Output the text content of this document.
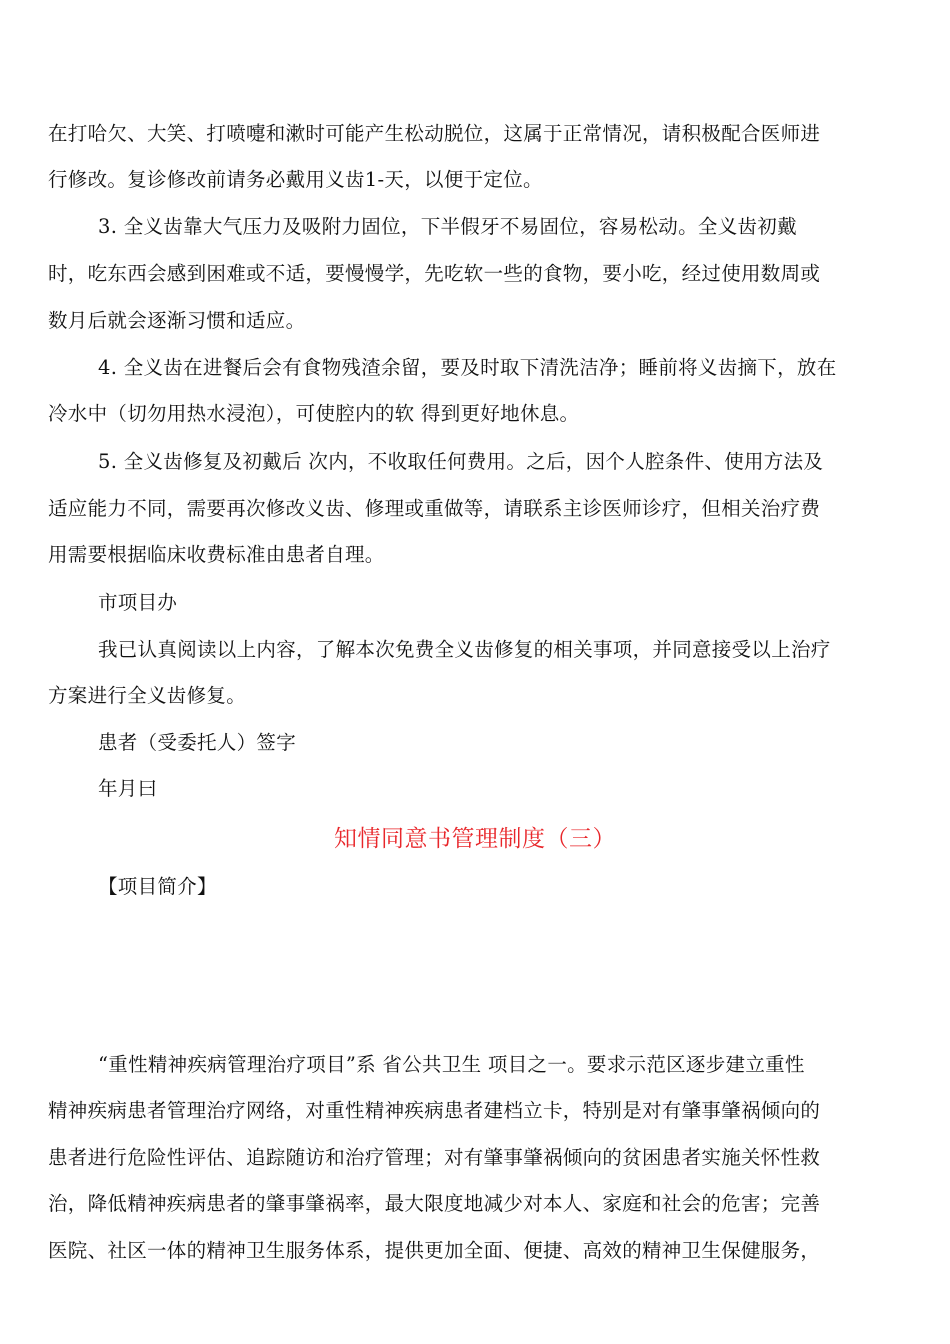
在打哈欠、大笑、打喷嚏和漱时可能产生松动脱位，这属于正常情况，请积极配合医师进
行修改。复诊修改前请务必戴用义齿1-天，以便于定位。
3. 全义齿靠大气压力及吸附力固位，下半假牙不易固位，容易松动。全义齿初戴
时，吃东西会感到困难或不适，要慢慢学，先吃软一些的食物，要小吃，经过使用数周或
数月后就会逐渐习惯和适应。
4. 全义齿在进餐后会有食物残渣余留，要及时取下清洗洁净；睡前将义齿摘下，放在
冷水中（切勿用热水浸泡），可使腔内的软 得到更好地休息。
5. 全义齿修复及初戴后 次内，不收取任何费用。之后，因个人腔条件、使用方法及
适应能力不同，需要再次修改义齿、修理或重做等，请联系主诊医师诊疗，但相关治疗费
用需要根据临床收费标准由患者自理。
市项目办
我已认真阅读以上内容，了解本次免费全义齿修复的相关事项，并同意接受以上治疗
方案进行全义齿修复。
患者（受委托人）签字
年月曰
知情同意书管理制度（三）
【项目简介】
“重性精神疾病管理治疗项目”系 省公共卫生 项目之一。要求示范区逐步建立重性
精神疾病患者管理治疗网络，对重性精神疾病患者建档立卡，特别是对有肇事肇祸倾向的
患者进行危险性评估、追踪随访和治疗管理；对有肇事肇祸倾向的贫困患者实施关怀性救
治，降低精神疾病患者的肇事肇祸率，最大限度地减少对本人、家庭和社会的危害；完善
医院、社区一体的精神卫生服务体系，提供更加全面、便捷、高效的精神卫生保健服务，
